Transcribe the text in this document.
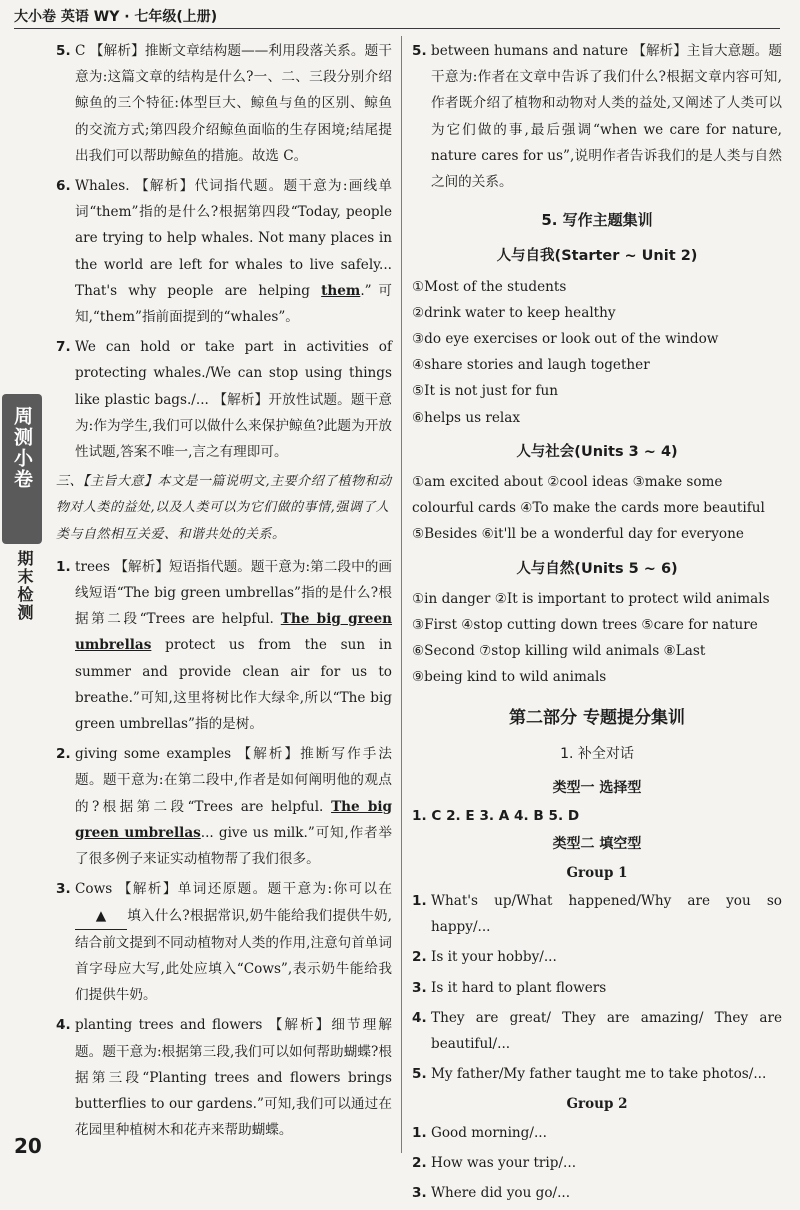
大小卷 英语 WY · 七年级(上册)
周测小卷
期末检测
5. C 【解析】推断文章结构题——利用段落关系。题干意为:这篇文章的结构是什么?一、二、三段分别介绍鲸鱼的三个特征:体型巨大、鲸鱼与鱼的区别、鲸鱼的交流方式;第四段介绍鲸鱼面临的生存困境;结尾提出我们可以帮助鲸鱼的措施。故选 C。
6. Whales. 【解析】代词指代题。题干意为:画线单词“them”指的是什么?根据第四段“Today, people are trying to help whales. Not many places in the world are left for whales to live safely... That's why people are helping them.”可知,“them”指前面提到的“whales”。
7. We can hold or take part in activities of protecting whales./We can stop using things like plastic bags./... 【解析】开放性试题。题干意为:作为学生,我们可以做什么来保护鲸鱼?此题为开放性试题,答案不唯一,言之有理即可。
三、【主旨大意】本文是一篇说明文,主要介绍了植物和动物对人类的益处,以及人类可以为它们做的事情,强调了人类与自然相互关爱、和谐共处的关系。
1. trees 【解析】短语指代题。题干意为:第二段中的画线短语“The big green umbrellas”指的是什么?根据第二段“Trees are helpful. The big green umbrellas protect us from the sun in summer and provide clean air for us to breathe.”可知,这里将树比作大绿伞,所以“The big green umbrellas”指的是树。
2. giving some examples 【解析】推断写作手法题。题干意为:在第二段中,作者是如何阐明他的观点的?根据第二段“Trees are helpful. The big green umbrellas... give us milk.”可知,作者举了很多例子来证实动植物帮了我们很多。
3. Cows 【解析】单词还原题。题干意为:你可以在▲ 填入什么?根据常识,奶牛能给我们提供牛奶,结合前文提到不同动植物对人类的作用,注意句首单词首字母应大写,此处应填入“Cows”,表示奶牛能给我们提供牛奶。
4. planting trees and flowers 【解析】细节理解题。题干意为:根据第三段,我们可以如何帮助蝴蝶?根据第三段“Planting trees and flowers brings butterflies to our gardens.”可知,我们可以通过在花园里种植树木和花卉来帮助蝴蝶。
5. between humans and nature 【解析】主旨大意题。题干意为:作者在文章中告诉了我们什么?根据文章内容可知,作者既介绍了植物和动物对人类的益处,又阐述了人类可以为它们做的事,最后强调“when we care for nature, nature cares for us”,说明作者告诉我们的是人类与自然之间的关系。
5. 写作主题集训
人与自我(Starter ~ Unit 2)
①Most of the students
②drink water to keep healthy
③do eye exercises or look out of the window
④share stories and laugh together
⑤It is not just for fun
⑥helps us relax
人与社会(Units 3 ~ 4)
①am excited about ②cool ideas ③make some colourful cards ④To make the cards more beautiful
⑤Besides ⑥it'll be a wonderful day for everyone
人与自然(Units 5 ~ 6)
①in danger ②It is important to protect wild animals
③First ④stop cutting down trees ⑤care for nature
⑥Second ⑦stop killing wild animals ⑧Last
⑨being kind to wild animals
第二部分 专题提分集训
1. 补全对话
类型一 选择型
1. C 2. E 3. A 4. B 5. D
类型二 填空型
Group 1
1. What's up/What happened/Why are you so happy/...
2. Is it your hobby/...
3. Is it hard to plant flowers
4. They are great/ They are amazing/ They are beautiful/...
5. My father/My father taught me to take photos/...
Group 2
1. Good morning/...
2. How was your trip/...
3. Where did you go/...
20
